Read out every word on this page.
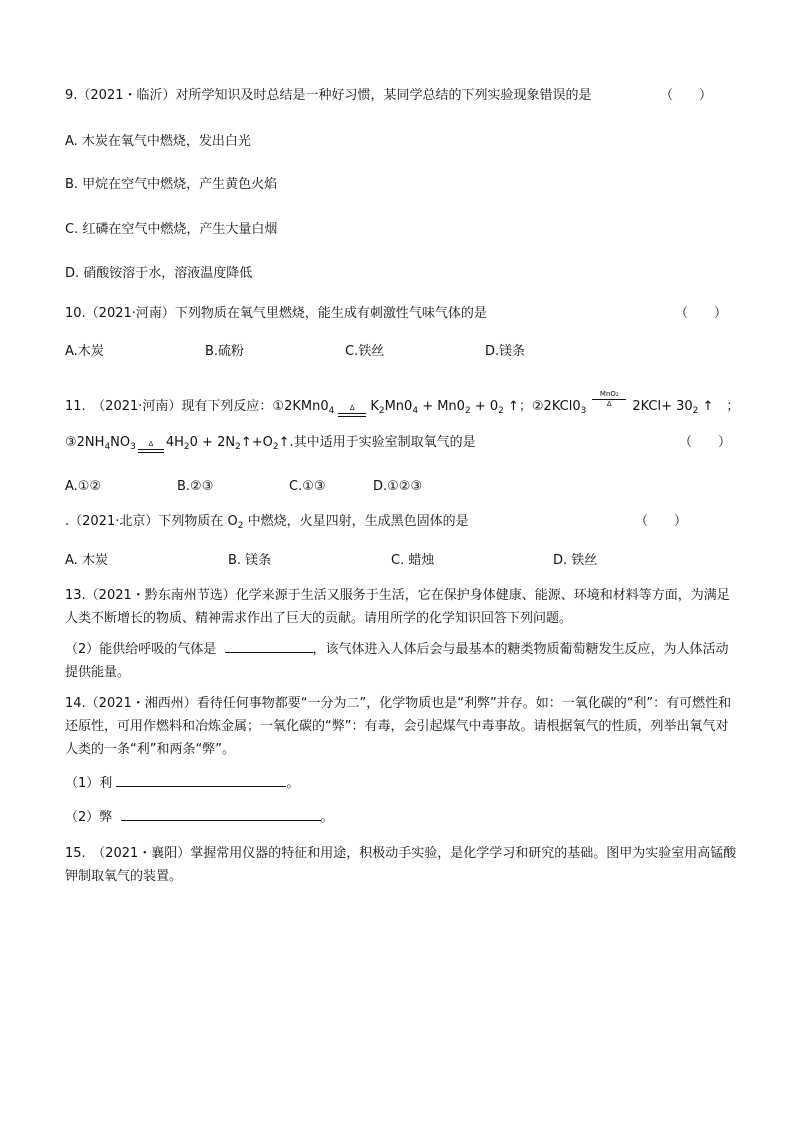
9.（2021・临沂）对所学知识及时总结是一种好习惯，某同学总结的下列实验现象错误的是	（　　）
A. 木炭在氧气中燃烧，发出白光
B. 甲烷在空气中燃烧，产生黄色火焰
C. 红磷在空气中燃烧，产生大量白烟
D. 硝酸铵溶于水，溶液温度降低
10.（2021·河南）下列物质在氧气里燃烧，能生成有刺激性气味气体的是	（　　）
A.木炭	B.硫粉	C.铁丝	D.镁条
11.　（2021·河南）现有下列反应：$①2KMn0_4$	Δ	$K_2Mn0_4 + Mn0_2 + 0_2$ ↑；$②2KCl0_3$
MnO₂
Δ	$2KCl+ 30_2$ ↑　；
$③2NH_4NO_3$	Δ $4H_20$ + $2N_2↑+O_2↑$.其中适用于实验室制取氧气的是	（　　）
A.①②	B.②③	C.①③	D.①②③
.（2021·北京）下列物质在 $O_2$ 中燃烧，火星四射，生成黑色固体的是	（　　）
A. 木炭	B. 镁条	C. 蜡烛	D. 铁丝
13.（2021・黔东南州节选）化学来源于生活又服务于生活，它在保护身体健康、能源、环境和材料等方面，为满足人类不断增长的物质、精神需求作出了巨大的贡献。请用所学的化学知识回答下列问题。
（2）能供给呼吸的气体是	，该气体进入人体后会与最基本的糖类物质葡萄糖发生反应，为人体活动提供能量。
14.（2021・湘西州）看待任何事物都要“一分为二”，化学物质也是“利弊”并存。如：一氧化碳的“利”：有可燃性和还原性，可用作燃料和冶炼金属；一氧化碳的“弊”：有毒，会引起煤气中毒事故。请根据氧气的性质，列举出氧气对人类的一条“利”和两条“弊”。
（1）利	。
（2）弊	。
15.　（2021・襄阳）掌握常用仪器的特征和用途，积极动手实验，是化学学习和研究的基础。图甲为实验室用高锰酸钾制取氧气的装置。
